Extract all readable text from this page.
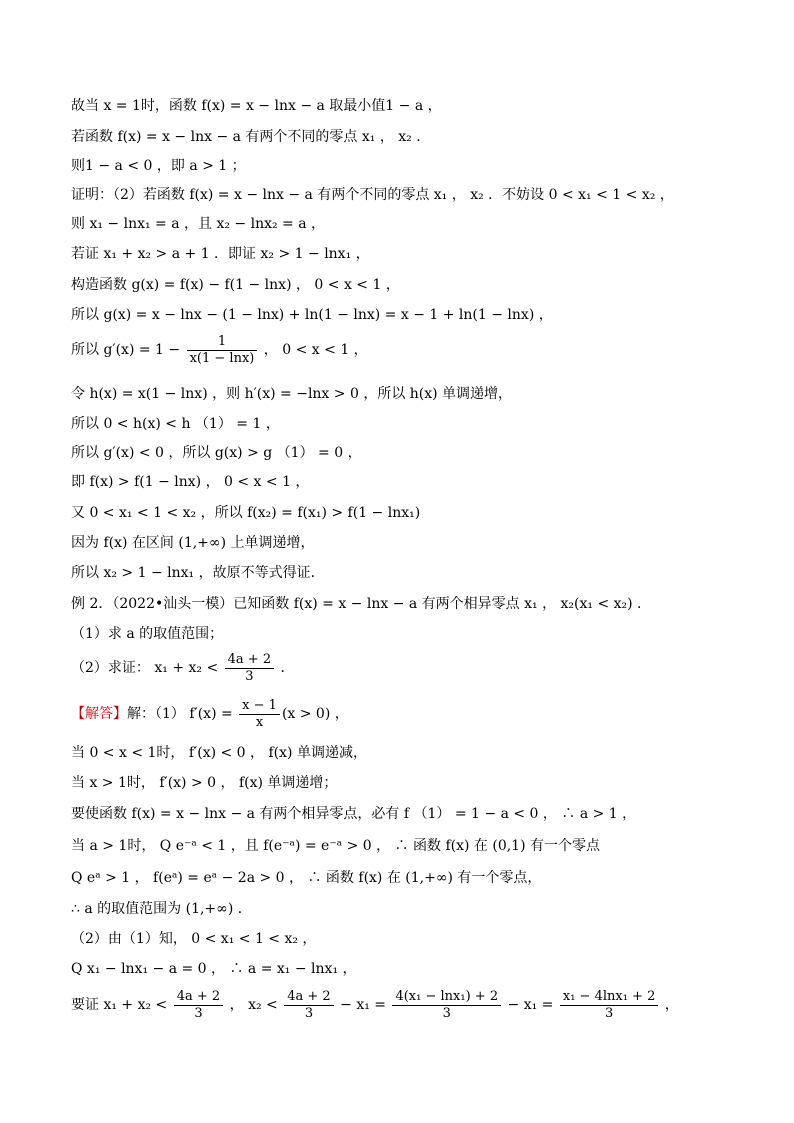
故当 x = 1时，函数 f(x) = x − lnx − a 取最小值1 − a ，
若函数 f(x) = x − lnx − a 有两个不同的零点 x₁ ， x₂ .
则1 − a < 0 ，即 a > 1 ；
证明：（2）若函数 f(x) = x − lnx − a 有两个不同的零点 x₁ ， x₂ ．不妨设 0 < x₁ < 1 < x₂ ，
则 x₁ − lnx₁ = a ，且 x₂ − lnx₂ = a ，
若证 x₁ + x₂ > a + 1 ．即证 x₂ > 1 − lnx₁ ，
构造函数 g(x) = f(x) − f(1 − lnx) ， 0 < x < 1 ，
所以 g(x) = x − lnx − (1 − lnx) + ln(1 − lnx) = x − 1 + ln(1 − lnx) ，
所以 $g'(x) = 1 - \frac{1}{x(1 - \ln x)}$ ， 0 < x < 1 ，
令 h(x) = x(1 − lnx) ，则 h′(x) = −lnx > 0 ，所以 h(x) 单调递增，
所以 0 < h(x) < h （1） = 1 ，
所以 g′(x) < 0 ，所以 g(x) > g （1） = 0 ，
即 f(x) > f(1 − lnx) ， 0 < x < 1 ，
又 0 < x₁ < 1 < x₂ ，所以 f(x₂) = f(x₁) > f(1 − lnx₁)
因为 f(x) 在区间 (1,+∞) 上单调递增，
所以 x₂ > 1 − lnx₁ ，故原不等式得证．
例 2．（2022•汕头一模）已知函数 f(x) = x − lnx − a 有两个相异零点 x₁ ， x₂(x₁ < x₂) ．
（1）求 a 的取值范围；
（2）求证： $x_1 + x_2 < \frac{4a + 2}{3}$ ．
【解答】解：（1） $f'(x) = \frac{x - 1}{x} (x > 0)$ ，
当 0 < x < 1时， f′(x) < 0 ， f(x) 单调递减，
当 x > 1时， f′(x) > 0 ， f(x) 单调递增；
要使函数 f(x) = x − lnx − a 有两个相异零点，必有 f （1） = 1 − a < 0 ， ∴ a > 1 ，
当 a > 1时， Q e⁻ᵃ < 1 ，且 f(e⁻ᵃ) = e⁻ᵃ > 0 ， ∴ 函数 f(x) 在 (0,1) 有一个零点
Q eᵃ > 1 ， f(eᵃ) = eᵃ − 2a > 0 ， ∴ 函数 f(x) 在 (1,+∞) 有一个零点，
∴ a 的取值范围为 (1,+∞) ．
（2）由（1）知， 0 < x₁ < 1 < x₂ ，
Q x₁ − lnx₁ − a = 0 ， ∴ a = x₁ − lnx₁ ，
要证 $x_1 + x_2 < \frac{4a + 2}{3}$ ， $x_2 < \frac{4a + 2}{3} - x_1 = \frac{\text{4(x₁ − lnx₁) + 2}}{3} - x_1 = \frac{\text{x₁ − 4lnx₁ + 2}}{3}$ ，
